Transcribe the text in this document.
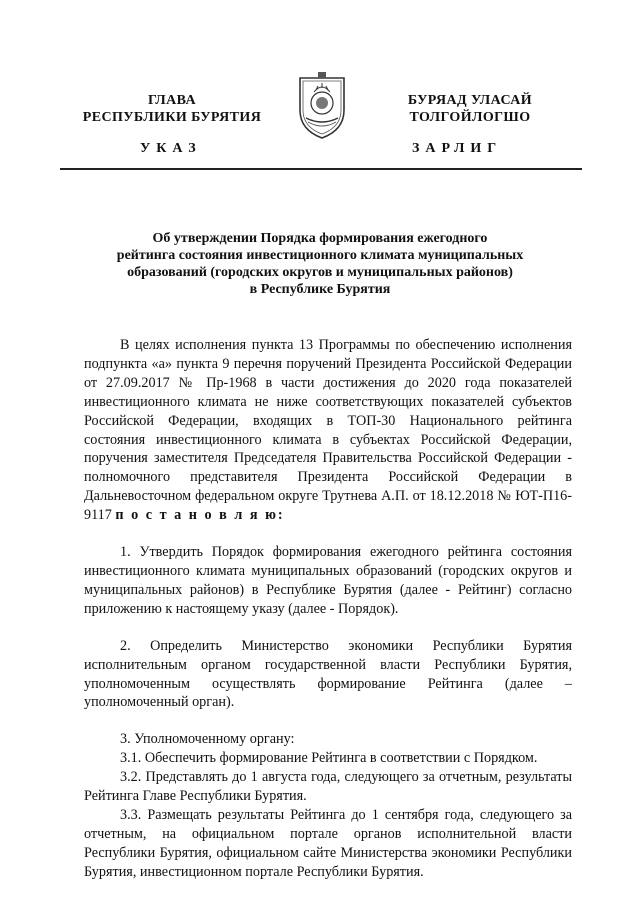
ГЛАВА
РЕСПУБЛИКИ БУРЯТИЯ
БУРЯАД УЛАСАЙ
ТОЛГОЙЛОГШО
УКАЗ	ЗАРЛИГ
Об утверждении Порядка формирования ежегодного
рейтинга состояния инвестиционного климата муниципальных
образований (городских округов и муниципальных районов)
в Республике Бурятия

В целях исполнения пункта 13 Программы по обеспечению исполнения подпункта «а» пункта 9 перечня поручений Президента Российской Федерации от 27.09.2017 № Пр-1968 в части достижения до 2020 года показателей инвестиционного климата не ниже соответствующих показателей субъектов Российской Федерации, входящих в ТОП-30 Национального рейтинга состояния инвестиционного климата в субъектах Российской Федерации, поручения заместителя Председателя Правительства Российской Федерации - полномочного представителя Президента Российской Федерации в Дальневосточном федеральном округе Трутнева А.П. от 18.12.2018 № ЮТ-П16-9117 п о с т а н о в л я ю:

1. Утвердить Порядок формирования ежегодного рейтинга состояния инвестиционного климата муниципальных образований (городских округов и муниципальных районов) в Республике Бурятия (далее - Рейтинг) согласно приложению к настоящему указу (далее - Порядок).

2. Определить Министерство экономики Республики Бурятия исполнительным органом государственной власти Республики Бурятия, уполномоченным осуществлять формирование Рейтинга (далее – уполномоченный орган).

3. Уполномоченному органу:

3.1. Обеспечить формирование Рейтинга в соответствии с Порядком.

3.2. Представлять до 1 августа года, следующего за отчетным, результаты Рейтинга Главе Республики Бурятия.

3.3. Размещать результаты Рейтинга до 1 сентября года, следующего за отчетным, на официальном портале органов исполнительной власти Республики Бурятия, официальном сайте Министерства экономики Республики Бурятия, инвестиционном портале Республики Бурятия.
